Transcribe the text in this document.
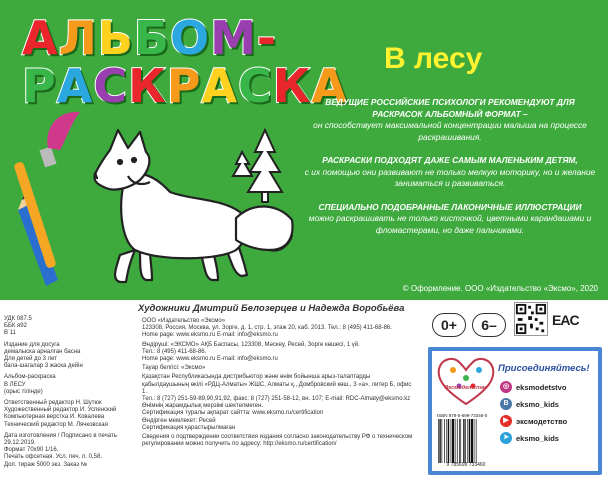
АЛЬБОМ-
РАСКРАСКА
В лесу

ВЕДУЩИЕ РОССИЙСКИЕ ПСИХОЛОГИ РЕКОМЕНДУЮТ ДЛЯ РАСКРАСОК АЛЬБОМНЫЙ ФОРМАТ –
он способствует максимальной концентрации малыша на процессе раскрашивания.

РАСКРАСКИ ПОДХОДЯТ ДАЖЕ САМЫМ МАЛЕНЬКИМ ДЕТЯМ,
с их помощью они развивают не только мелкую моторику, но и желание заниматься и развиваться.

СПЕЦИАЛЬНО ПОДОБРАННЫЕ ЛАКОНИЧНЫЕ ИЛЛЮСТРАЦИИ
можно раскрашивать не только кисточкой, цветными карандашами и фломастерами, но даже пальчиками.

© Оформление. ООО «Издательство «Эксмо», 2020
Художники Дмитрий Белозерцев и Надежда Воробьёва

УДК 087.5
ББК я92
В 11

Издание для досуга
демалыска арналган басна
Для детей до 3 лет
бала-шагалар 3 жаска дейін

Альбом-раскраска
В ЛЕСУ
(орыс тілінде)

Ответственный редактор Н. Шутюк
Художественный редактор И. Успенский
Компьютерная верстка И. Ковалева
Технический редактор М. Лячковская

Дата изготовления / Подписано в печать 29.12.2019.
Формат 70х90 1/16.
Печать офсетная. Усл. печ. л. 0,58.
Доп. тираж 5000 экз. Заказ №

ООО «Издательство «Эксмо»
123308, Россия, Москва, ул. Зорге, д. 1, стр. 1, этаж 20, каб. 2013. Тел.: 8 (495) 411-68-86.
Home page: www.eksmo.ru E-mail: info@eksmo.ru

Өндіруші: «ЭКСМО» АҚБ Баспасы, 123308, Мәскеу, Ресей, Зорге көшесі, 1 үй.
Тел.: 8 (495) 411-68-86.
Home page: www.eksmo.ru E-mail: info@eksmo.ru

Тауар белгісі: «Эксмо»

Қазақстан Республикасында дистрибьютор және өнім бойынша арыз-талаптарды қабылдаушының өкілі «РДЦ-Алматы» ЖШС, Алматы қ., Домбровский көш., 3 «а», литер Б, офис 1.
Тел.: 8 (727) 251-59-89,90,91,92, факс: 8 (727) 251-58-12, вн. 107; E-mail: RDC-Almaty@eksmo.kz
Өнімнің жарамдылық мерзімі шектелмеген.
Сертификация туралы ақпарат сайтта: www.eksmo.ru/certification
Өндірген мемлекет: Ресей
Сертификация қарастырылмаған

Сведения о подтверждении соответствия издания согласно законодательству РФ о техническом регулировании можно получить по адресу: http://eksmo.ru/certification/

0+	6–	EAC
Эксмодетство
Присоединяйтесь!
◎ eksmodetstvo
B eksmo_kids
▶ эксмодетство
➤ eksmo_kids
ISBN 978-5-699-73346-0
9 785699 733460
